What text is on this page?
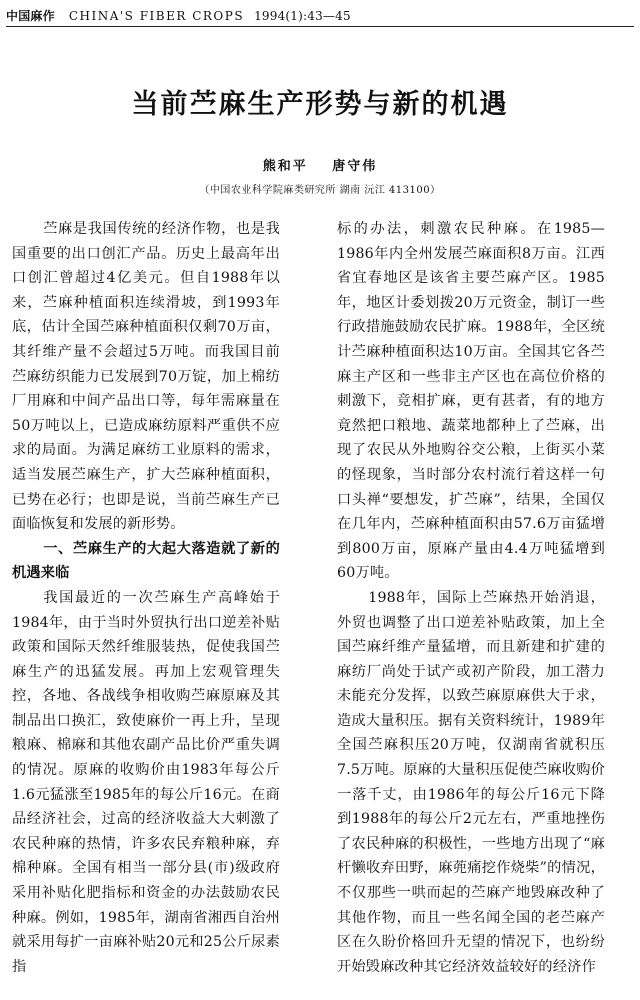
中国麻作 CHINA'S FIBER CROPS 1994(1):43—45
当前苎麻生产形势与新的机遇
熊和平 唐守伟
（中国农业科学院麻类研究所 湖南 沅江 413100）

苎麻是我国传统的经济作物，也是我国重要的出口创汇产品。历史上最高年出口创汇曾超过4亿美元。但自1988年以来，苎麻种植面积连续滑坡，到1993年底，估计全国苎麻种植面积仅剩70万亩，其纤维产量不会超过5万吨。而我国目前苎麻纺织能力已发展到70万锭，加上棉纺厂用麻和中间产品出口等，每年需麻量在50万吨以上，已造成麻纺原料严重供不应求的局面。为满足麻纺工业原料的需求，适当发展苎麻生产，扩大苎麻种植面积，已势在必行；也即是说，当前苎麻生产已面临恢复和发展的新形势。

一、苎麻生产的大起大落造就了新的机遇来临

我国最近的一次苎麻生产高峰始于1984年，由于当时外贸执行出口逆差补贴政策和国际天然纤维服装热，促使我国苎麻生产的迅猛发展。再加上宏观管理失控，各地、各战线争相收购苎麻原麻及其制品出口换汇，致使麻价一再上升，呈现粮麻、棉麻和其他农副产品比价严重失调的情况。原麻的收购价由1983年每公斤1.6元猛涨至1985年的每公斤16元。在商品经济社会，过高的经济收益大大刺激了农民种麻的热情，许多农民弃粮种麻，弃棉种麻。全国有相当一部分县(市)级政府采用补贴化肥指标和资金的办法鼓励农民种麻。例如，1985年，湖南省湘西自治州就采用每扩一亩麻补贴20元和25公斤尿素指

标的办法，刺激农民种麻。在1985—1986年内全州发展苎麻面积8万亩。江西省宜春地区是该省主要苎麻产区。1985年，地区计委划拨20万元资金，制订一些行政措施鼓励农民扩麻。1988年，全区统计苎麻种植面积达10万亩。全国其它各苎麻主产区和一些非主产区也在高位价格的刺激下，竞相扩麻，更有甚者，有的地方竟然把口粮地、蔬菜地都种上了苎麻，出现了农民从外地购谷交公粮，上街买小菜的怪现象，当时部分农村流行着这样一句口头禅“要想发，扩苎麻”，结果，全国仅在几年内，苎麻种植面积由57.6万亩猛增到800万亩，原麻产量由4.4万吨猛增到60万吨。

1988年，国际上苎麻热开始消退，外贸也调整了出口逆差补贴政策，加上全国苎麻纤维产量猛增，而且新建和扩建的麻纺厂尚处于试产或初产阶段，加工潜力未能充分发挥，以致苎麻原麻供大于求，造成大量积压。据有关资料统计，1989年全国苎麻积压20万吨，仅湖南省就积压7.5万吨。原麻的大量积压促使苎麻收购价一落千丈，由1986年的每公斤16元下降到1988年的每公斤2元左右，严重地挫伤了农民种麻的积极性，一些地方出现了“麻杆懒收弃田野，麻蔸痛挖作烧柴”的情况，不仅那些一哄而起的苎麻产地毁麻改种了其他作物，而且一些名闻全国的老苎麻产区在久盼价格回升无望的情况下，也纷纷开始毁麻改种其它经济效益较好的经济作
